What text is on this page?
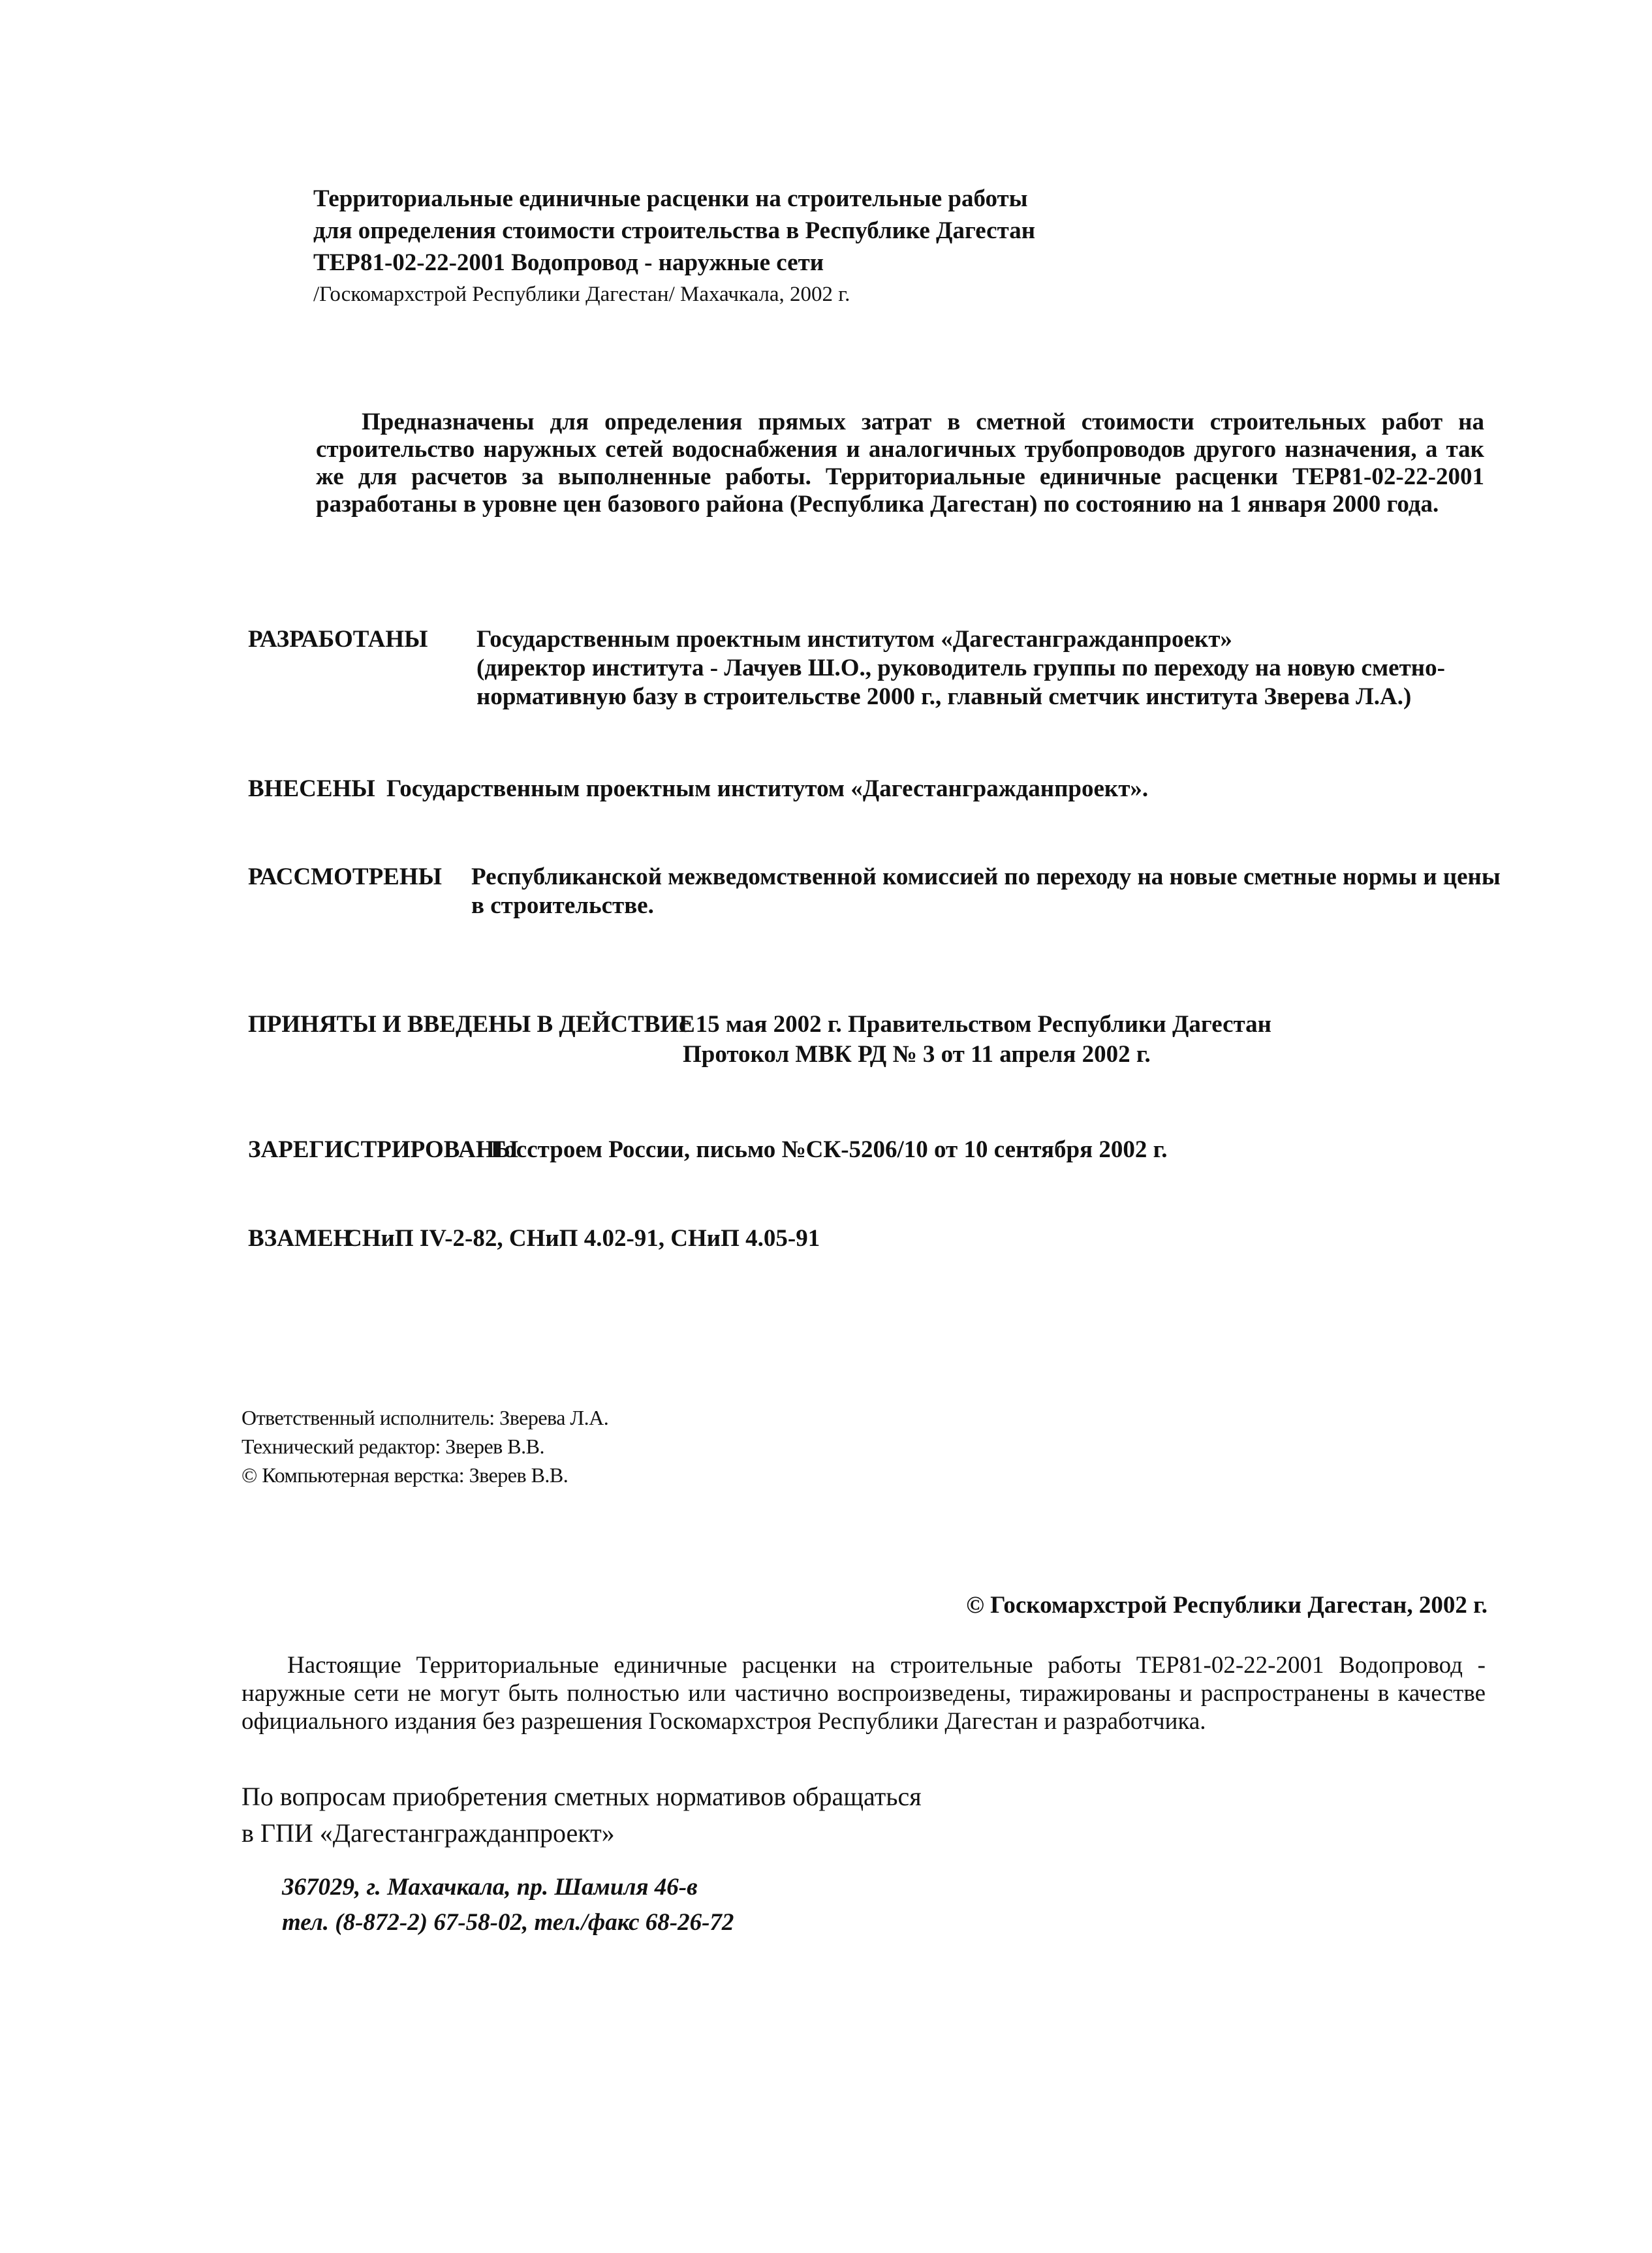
Территориальные единичные расценки на строительные работы
для определения стоимости строительства в Республике Дагестан
ТЕР81-02-22-2001 Водопровод - наружные сети
/Госкомархстрой Республики Дагестан/ Махачкала, 2002 г.
Предназначены для определения прямых затрат в сметной стоимости строительных работ на строительство наружных сетей водоснабжения и аналогичных трубопроводов другого назначения, а так же для расчетов за выполненные работы. Территориальные единичные расценки ТЕР81-02-22-2001 разработаны в уровне цен базового района (Республика Дагестан) по состоянию на 1 января 2000 года.
РАЗРАБОТАНЫ Государственным проектным институтом «Дагестангражданпроект»
(директор института - Лачуев Ш.О., руководитель группы по переходу на новую сметно-
нормативную базу в строительстве 2000 г., главный сметчик института Зверева Л.А.)
ВНЕСЕНЫ Государственным проектным институтом «Дагестангражданпроект».
РАССМОТРЕНЫ Республиканской межведомственной комиссией по переходу на новые сметные нормы и цены
в строительстве.
ПРИНЯТЫ И ВВЕДЕНЫ В ДЕЙСТВИЕ
с 15 мая 2002 г. Правительством Республики Дагестан
Протокол МВК РД № 3 от 11 апреля 2002 г.
ЗАРЕГИСТРИРОВАНЫ
Госстроем России, письмо №СК-5206/10 от 10 сентября 2002 г.
ВЗАМЕН
СНиП IV-2-82, СНиП 4.02-91, СНиП 4.05-91
Ответственный исполнитель: Зверева Л.А.
Технический редактор: Зверев В.В.
© Компьютерная верстка: Зверев В.В.
© Госкомархстрой Республики Дагестан, 2002 г.
Настоящие Территориальные единичные расценки на строительные работы ТЕР81-02-22-2001 Водопровод - наружные сети не могут быть полностью или частично воспроизведены, тиражированы и распространены в качестве официального издания без разрешения Госкомархстроя Республики Дагестан и разработчика.
По вопросам приобретения сметных нормативов обращаться
в ГПИ «Дагестангражданпроект»
367029, г. Махачкала, пр. Шамиля 46-в
тел. (8-872-2) 67-58-02, тел./факс 68-26-72
